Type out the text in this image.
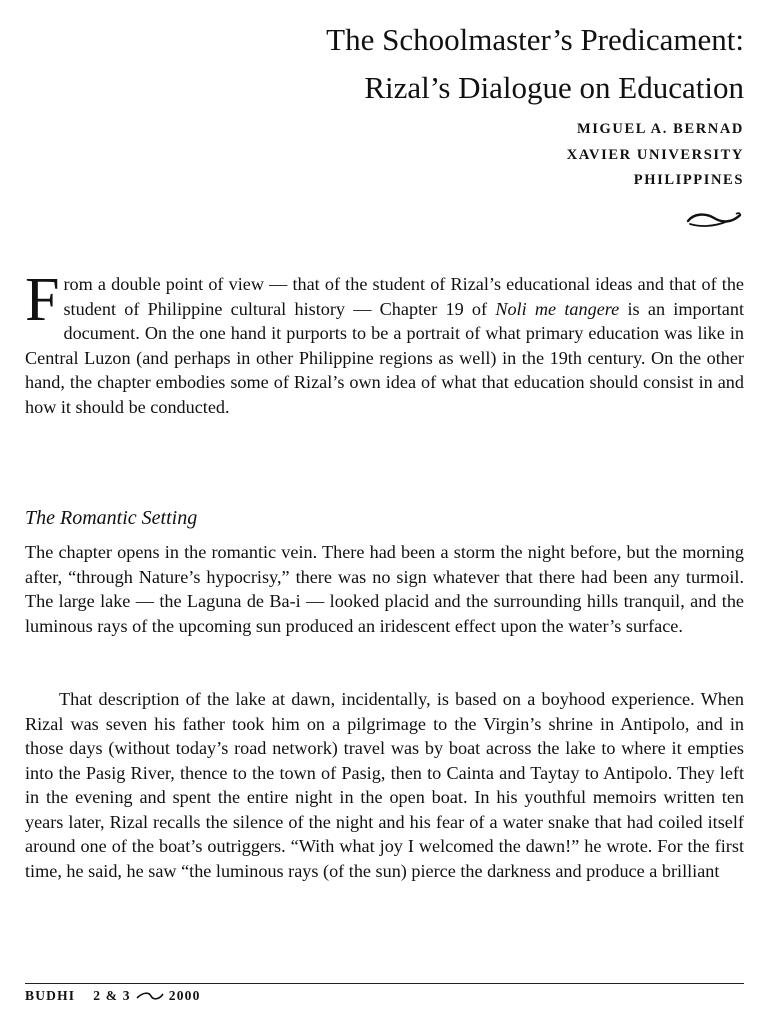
The Schoolmaster’s Predicament:
Rizal’s Dialogue on Education
MIGUEL A. BERNAD
XAVIER UNIVERSITY
PHILIPPINES

From a double point of view — that of the student of Rizal’s educational ideas and that of the student of Philippine cultural history — Chapter 19 of Noli me tangere is an important document. On the one hand it purports to be a portrait of what primary education was like in Central Luzon (and perhaps in other Philippine regions as well) in the 19th century. On the other hand, the chapter embodies some of Rizal’s own idea of what that education should consist in and how it should be conducted.

The Romantic Setting

The chapter opens in the romantic vein. There had been a storm the night before, but the morning after, “through Nature’s hypocrisy,” there was no sign whatever that there had been any turmoil. The large lake — the Laguna de Ba-i — looked placid and the surrounding hills tranquil, and the luminous rays of the upcoming sun produced an iridescent effect upon the water’s surface.

That description of the lake at dawn, incidentally, is based on a boyhood experience. When Rizal was seven his father took him on a pilgrimage to the Virgin’s shrine in Antipolo, and in those days (without today’s road network) travel was by boat across the lake to where it empties into the Pasig River, thence to the town of Pasig, then to Cainta and Taytay to Antipolo. They left in the evening and spent the entire night in the open boat. In his youthful memoirs written ten years later, Rizal recalls the silence of the night and his fear of a water snake that had coiled itself around one of the boat’s outriggers. “With what joy I welcomed the dawn!” he wrote. For the first time, he said, he saw “the luminous rays (of the sun) pierce the darkness and produce a brilliant

BUDHI 2 & 3	2000
